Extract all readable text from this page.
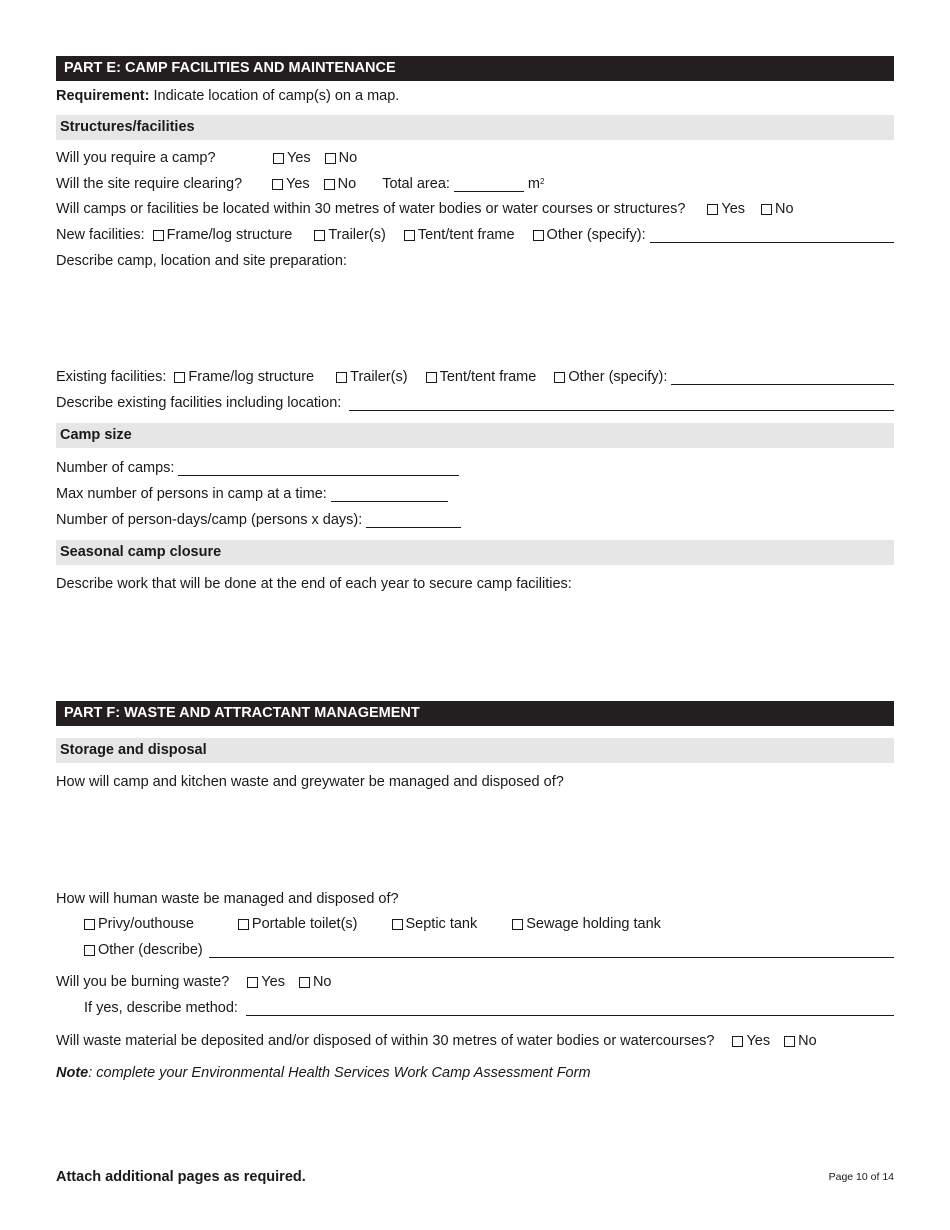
PART E: CAMP FACILITIES AND MAINTENANCE
Requirement: Indicate location of camp(s) on a map.
Structures/facilities
Will you require a camp?	Yes No
Will the site require clearing?	Yes No Total area:	$m^2$
Will camps or facilities be located within 30 metres of water bodies or water courses or structures? Yes No
New facilities: Frame/log structure Trailer(s) Tent/tent frame Other (specify):
Describe camp, location and site preparation:
Existing facilities: Frame/log structure Trailer(s) Tent/tent frame Other (specify):
Describe existing facilities including location:
Camp size
Number of camps:
Max number of persons in camp at a time:
Number of person-days/camp (persons x days):
Seasonal camp closure
Describe work that will be done at the end of each year to secure camp facilities:
PART F: WASTE AND ATTRACTANT MANAGEMENT
Storage and disposal
How will camp and kitchen waste and greywater be managed and disposed of?
How will human waste be managed and disposed of?
Privy/outhouse	Portable toilet(s)	Septic tank	Sewage holding tank
Other (describe)
Will you be burning waste? Yes No
If yes, describe method:
Will waste material be deposited and/or disposed of within 30 metres of water bodies or watercourses? Yes No
Note : complete your Environmental Health Services Work Camp Assessment Form
Attach additional pages as required.	Page 10 of 14
